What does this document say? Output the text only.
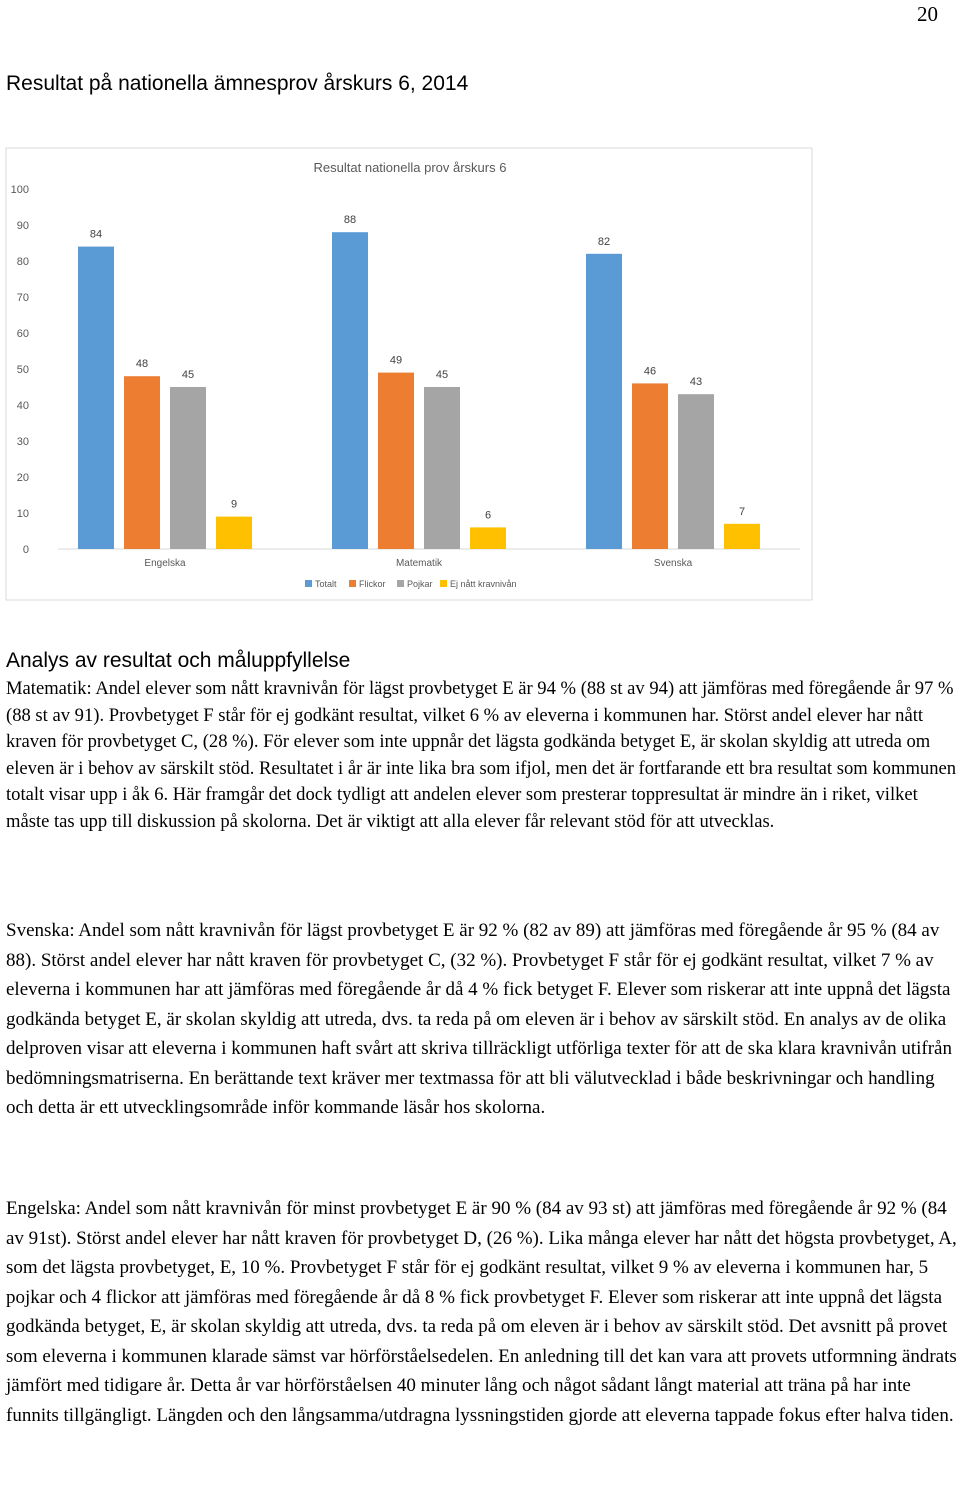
20
Resultat på nationella ämnesprov årskurs 6, 2014
Resultat nationella prov årskurs 6
0
10
20
30
40
50
60
70
80
90
100
84
48
45
9
88
49
45
6
82
46
43
7
Engelska	Matematik	Svenska
Totalt Flickor Pojkar Ej nått kravnivån
Analys av resultat och måluppfyllelse

Matematik: Andel elever som nått kravnivån för lägst provbetyget E är 94 % (88 st av 94) att jämföras med föregående år 97 % (88 st av 91). Provbetyget F står för ej godkänt resultat, vilket 6 % av eleverna i kommunen har. Störst andel elever har nått kraven för provbetyget C, (28 %). För elever som inte uppnår det lägsta godkända betyget E, är skolan skyldig att utreda om eleven är i behov av särskilt stöd. Resultatet i år är inte lika bra som ifjol, men det är fortfarande ett bra resultat som kommunen totalt visar upp i åk 6. Här framgår det dock tydligt att andelen elever som presterar toppresultat är mindre än i riket, vilket måste tas upp till diskussion på skolorna. Det är viktigt att alla elever får relevant stöd för att utvecklas.

Svenska: Andel som nått kravnivån för lägst provbetyget E är 92 % (82 av 89) att jämföras med föregående år 95 % (84 av 88). Störst andel elever har nått kraven för provbetyget C, (32 %). Provbetyget F står för ej godkänt resultat, vilket 7 % av eleverna i kommunen har att jämföras med föregående år då 4 % fick betyget F. Elever som riskerar att inte uppnå det lägsta godkända betyget E, är skolan skyldig att utreda, dvs. ta reda på om eleven är i behov av särskilt stöd. En analys av de olika delproven visar att eleverna i kommunen haft svårt att skriva tillräckligt utförliga texter för att de ska klara kravnivån utifrån bedömningsmatriserna. En berättande text kräver mer textmassa för att bli välutvecklad i både beskrivningar och handling och detta är ett utvecklingsområde inför kommande läsår hos skolorna.

Engelska: Andel som nått kravnivån för minst provbetyget E är 90 % (84 av 93 st) att jämföras med föregående år 92 % (84 av 91st). Störst andel elever har nått kraven för provbetyget D, (26 %). Lika många elever har nått det högsta provbetyget, A, som det lägsta provbetyget, E, 10 %. Provbetyget F står för ej godkänt resultat, vilket 9 % av eleverna i kommunen har, 5 pojkar och 4 flickor att jämföras med föregående år då 8 % fick provbetyget F. Elever som riskerar att inte uppnå det lägsta godkända betyget, E, är skolan skyldig att utreda, dvs. ta reda på om eleven är i behov av särskilt stöd. Det avsnitt på provet som eleverna i kommunen klarade sämst var hörförståelsedelen. En anledning till det kan vara att provets utformning ändrats jämfört med tidigare år. Detta år var hörförståelsen 40 minuter lång och något sådant långt material att träna på har inte funnits tillgängligt. Längden och den långsamma/utdragna lyssningstiden gjorde att eleverna tappade fokus efter halva tiden.
